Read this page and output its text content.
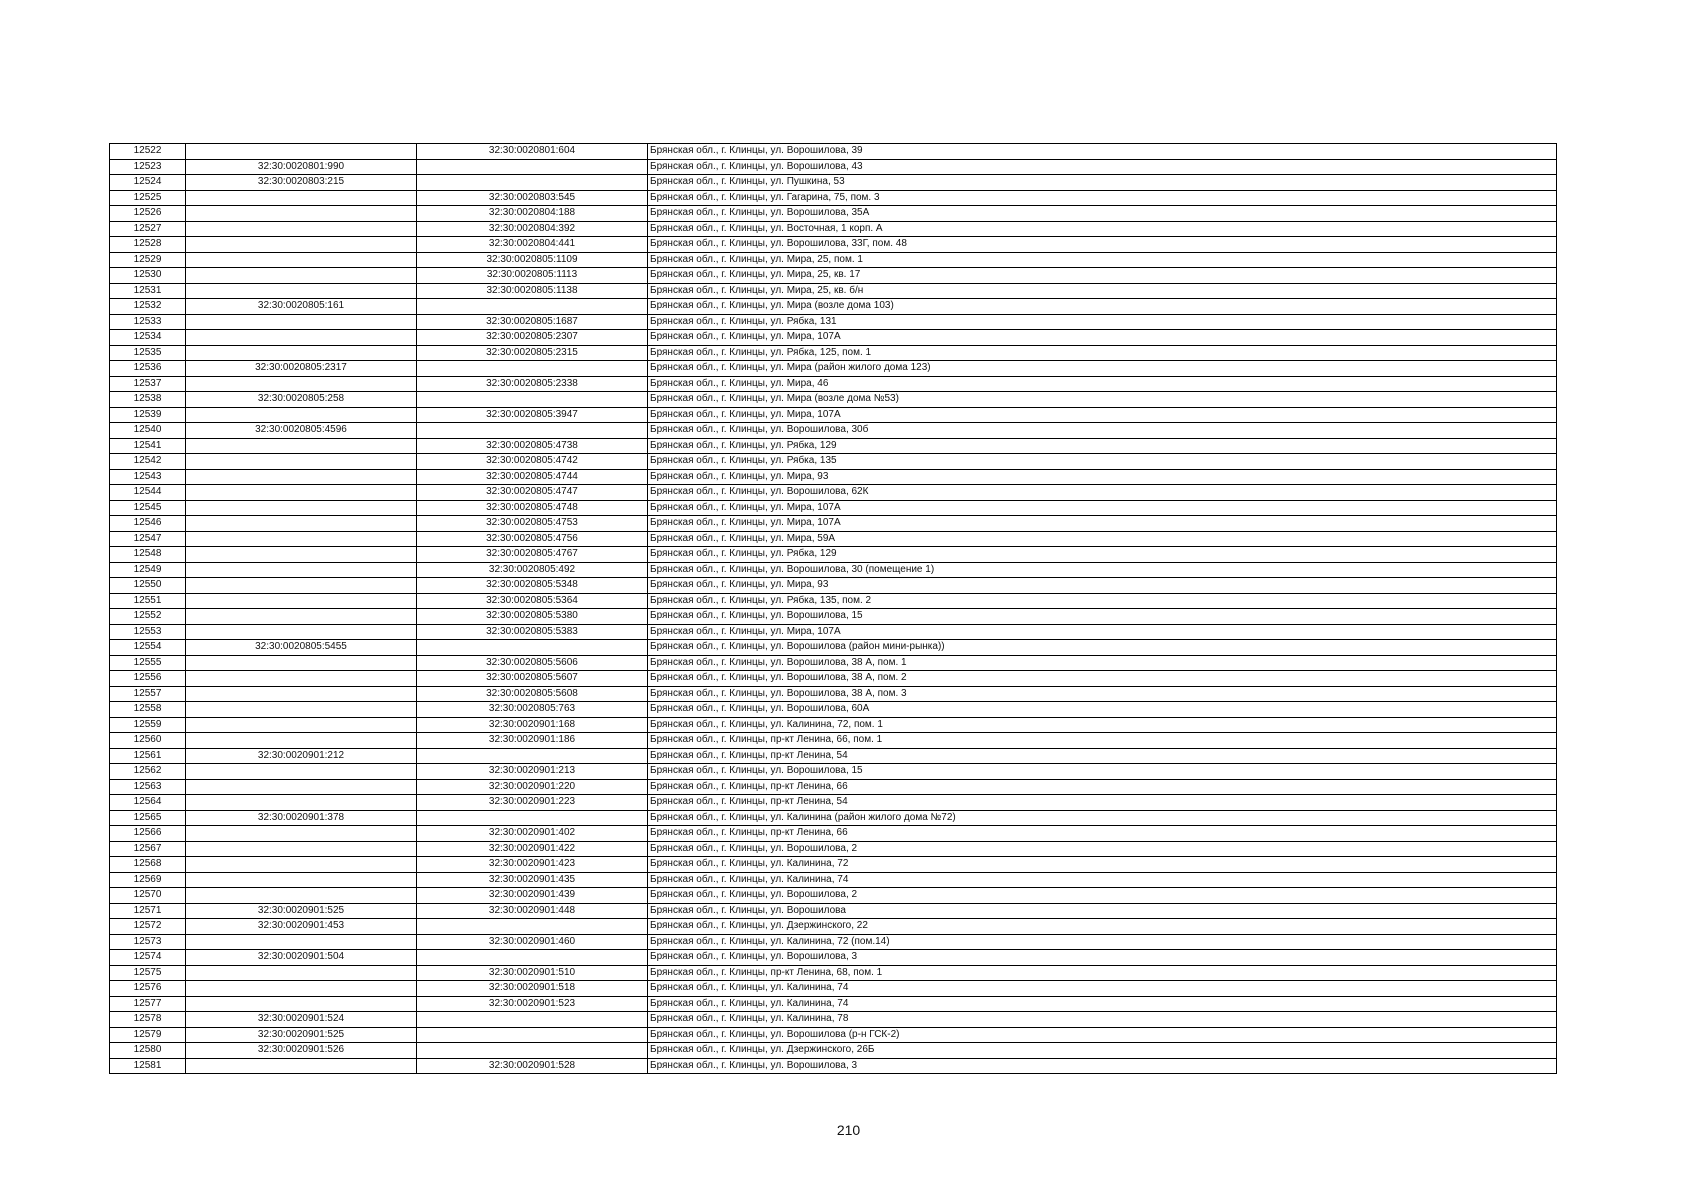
12522		32:30:0020801:604	Брянская обл., г. Клинцы, ул. Ворошилова, 39
12523	32:30:0020801:990		Брянская обл., г. Клинцы, ул. Ворошилова, 43
12524	32:30:0020803:215		Брянская обл., г. Клинцы, ул. Пушкина, 53
12525		32:30:0020803:545	Брянская обл., г. Клинцы, ул. Гагарина, 75, пом. 3
12526		32:30:0020804:188	Брянская обл., г. Клинцы, ул. Ворошилова, 35А
12527		32:30:0020804:392	Брянская обл., г. Клинцы, ул. Восточная, 1 корп. А
12528		32:30:0020804:441	Брянская обл., г. Клинцы, ул. Ворошилова, 33Г, пом. 48
12529		32:30:0020805:1109	Брянская обл., г. Клинцы, ул. Мира, 25, пом. 1
12530		32:30:0020805:1113	Брянская обл., г. Клинцы, ул. Мира, 25, кв. 17
12531		32:30:0020805:1138	Брянская обл., г. Клинцы, ул. Мира, 25, кв. б/н
12532	32:30:0020805:161		Брянская обл., г. Клинцы, ул. Мира (возле дома 103)
12533		32:30:0020805:1687	Брянская обл., г. Клинцы, ул. Рябка, 131
12534		32:30:0020805:2307	Брянская обл., г. Клинцы, ул. Мира, 107А
12535		32:30:0020805:2315	Брянская обл., г. Клинцы, ул. Рябка, 125, пом. 1
12536	32:30:0020805:2317		Брянская обл., г. Клинцы, ул. Мира (район жилого дома 123)
12537		32:30:0020805:2338	Брянская обл., г. Клинцы, ул. Мира, 46
12538	32:30:0020805:258		Брянская обл., г. Клинцы, ул. Мира (возле дома №53)
12539		32:30:0020805:3947	Брянская обл., г. Клинцы, ул. Мира, 107А
12540	32:30:0020805:4596		Брянская обл., г. Клинцы, ул. Ворошилова, 30б
12541		32:30:0020805:4738	Брянская обл., г. Клинцы, ул. Рябка, 129
12542		32:30:0020805:4742	Брянская обл., г. Клинцы, ул. Рябка, 135
12543		32:30:0020805:4744	Брянская обл., г. Клинцы, ул. Мира, 93
12544		32:30:0020805:4747	Брянская обл., г. Клинцы, ул. Ворошилова, 62К
12545		32:30:0020805:4748	Брянская обл., г. Клинцы, ул. Мира, 107А
12546		32:30:0020805:4753	Брянская обл., г. Клинцы, ул. Мира, 107А
12547		32:30:0020805:4756	Брянская обл., г. Клинцы, ул. Мира, 59А
12548		32:30:0020805:4767	Брянская обл., г. Клинцы, ул. Рябка, 129
12549		32:30:0020805:492	Брянская обл., г. Клинцы, ул. Ворошилова, 30 (помещение 1)
12550		32:30:0020805:5348	Брянская обл., г. Клинцы, ул. Мира, 93
12551		32:30:0020805:5364	Брянская обл., г. Клинцы, ул. Рябка, 135, пом. 2
12552		32:30:0020805:5380	Брянская обл., г. Клинцы, ул. Ворошилова, 15
12553		32:30:0020805:5383	Брянская обл., г. Клинцы, ул. Мира, 107А
12554	32:30:0020805:5455		Брянская обл., г. Клинцы, ул. Ворошилова (район мини-рынка))
12555		32:30:0020805:5606	Брянская обл., г. Клинцы, ул. Ворошилова, 38 А, пом. 1
12556		32:30:0020805:5607	Брянская обл., г. Клинцы, ул. Ворошилова, 38 А, пом. 2
12557		32:30:0020805:5608	Брянская обл., г. Клинцы, ул. Ворошилова, 38 А, пом. 3
12558		32:30:0020805:763	Брянская обл., г. Клинцы, ул. Ворошилова, 60А
12559		32:30:0020901:168	Брянская обл., г. Клинцы, ул. Калинина, 72, пом. 1
12560		32:30:0020901:186	Брянская обл., г. Клинцы, пр-кт Ленина, 66, пом. 1
12561	32:30:0020901:212		Брянская обл., г. Клинцы, пр-кт Ленина, 54
12562		32:30:0020901:213	Брянская обл., г. Клинцы, ул. Ворошилова, 15
12563		32:30:0020901:220	Брянская обл., г. Клинцы, пр-кт Ленина, 66
12564		32:30:0020901:223	Брянская обл., г. Клинцы, пр-кт Ленина, 54
12565	32:30:0020901:378		Брянская обл., г. Клинцы, ул. Калинина (район жилого дома №72)
12566		32:30:0020901:402	Брянская обл., г. Клинцы, пр-кт Ленина, 66
12567		32:30:0020901:422	Брянская обл., г. Клинцы, ул. Ворошилова, 2
12568		32:30:0020901:423	Брянская обл., г. Клинцы, ул. Калинина, 72
12569		32:30:0020901:435	Брянская обл., г. Клинцы, ул. Калинина, 74
12570		32:30:0020901:439	Брянская обл., г. Клинцы, ул. Ворошилова, 2
12571	32:30:0020901:525	32:30:0020901:448	Брянская обл., г. Клинцы, ул. Ворошилова
12572	32:30:0020901:453		Брянская обл., г. Клинцы, ул. Дзержинского, 22
12573		32:30:0020901:460	Брянская обл., г. Клинцы, ул. Калинина, 72 (пом.14)
12574	32:30:0020901:504		Брянская обл., г. Клинцы, ул. Ворошилова, 3
12575		32:30:0020901:510	Брянская обл., г. Клинцы, пр-кт Ленина, 68, пом. 1
12576		32:30:0020901:518	Брянская обл., г. Клинцы, ул. Калинина, 74
12577		32:30:0020901:523	Брянская обл., г. Клинцы, ул. Калинина, 74
12578	32:30:0020901:524		Брянская обл., г. Клинцы, ул. Калинина, 78
12579	32:30:0020901:525		Брянская обл., г. Клинцы, ул. Ворошилова (р-н ГСК-2)
12580	32:30:0020901:526		Брянская обл., г. Клинцы, ул. Дзержинского, 26Б
12581		32:30:0020901:528	Брянская обл., г. Клинцы, ул. Ворошилова, 3
210
